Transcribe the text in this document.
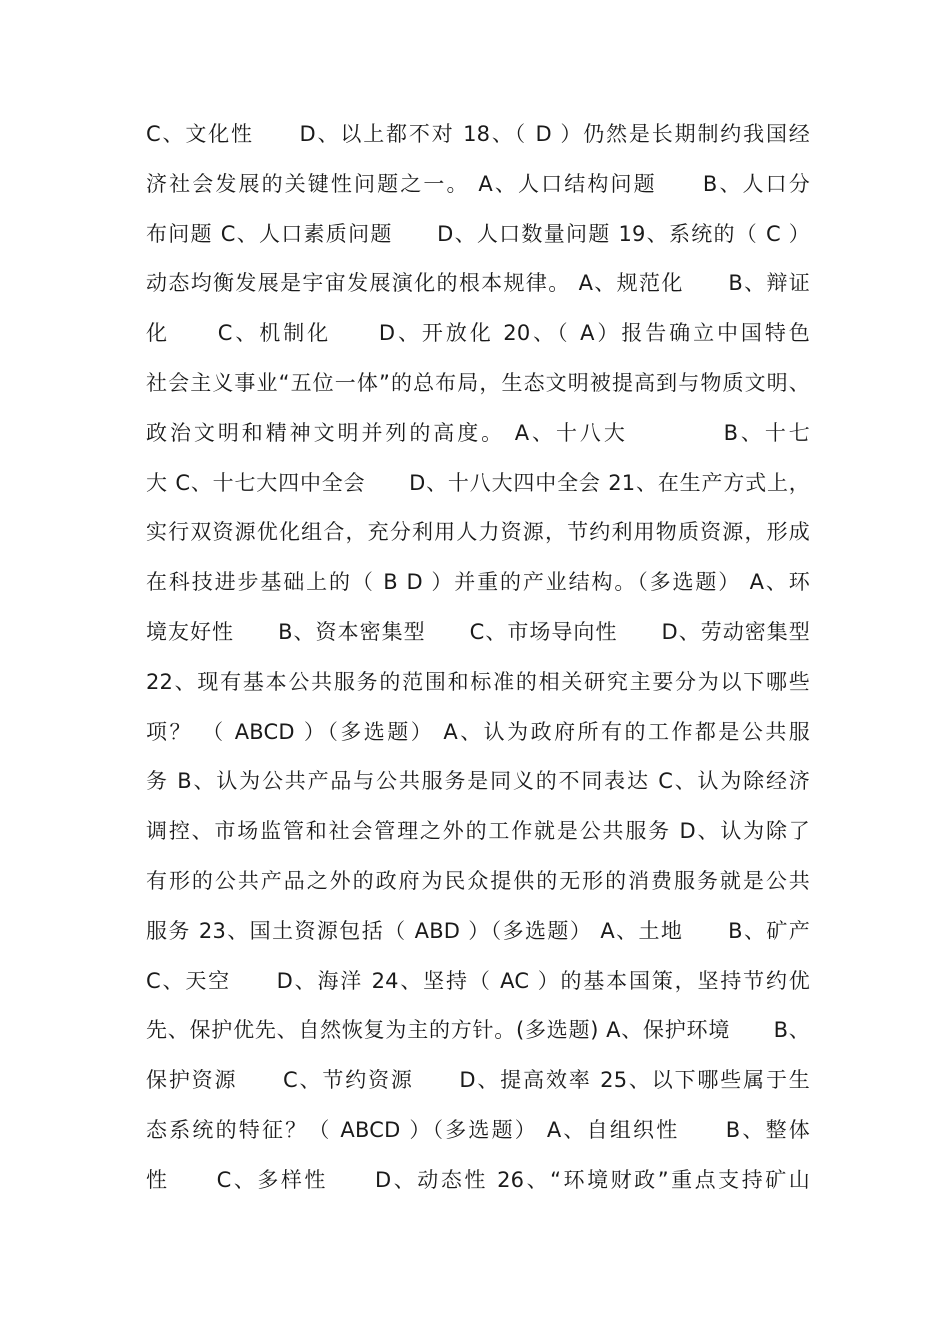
C、文化性　　D、以上都不对 18、（ D ）仍然是长期制约我国经
济社会发展的关键性问题之一。 A、人口结构问题　　B、人口分
布问题 C、人口素质问题　　D、人口数量问题 19、系统的（ C ）
动态均衡发展是宇宙发展演化的根本规律。 A、规范化　　B、辩证
化　　C、机制化　　D、开放化 20、（ A）报告确立中国特色
社会主义事业“五位一体”的总布局，生态文明被提高到与物质文明、
政治文明和精神文明并列的高度。 A、十八大　　　　B、十七
大 C、十七大四中全会　　D、十八大四中全会 21、在生产方式上，
实行双资源优化组合，充分利用人力资源，节约利用物质资源，形成
在科技进步基础上的（ B D ）并重的产业结构。（多选题） A、环
境友好性　　B、资本密集型　　C、市场导向性　　D、劳动密集型
22、现有基本公共服务的范围和标准的相关研究主要分为以下哪些
项？ （ ABCD ）（多选题） A、认为政府所有的工作都是公共服
务 B、认为公共产品与公共服务是同义的不同表达 C、认为除经济
调控、市场监管和社会管理之外的工作就是公共服务 D、认为除了
有形的公共产品之外的政府为民众提供的无形的消费服务就是公共
服务 23、国土资源包括（ ABD ）（多选题） A、土地　　B、矿产
C、天空　　D、海洋 24、坚持（ AC ）的基本国策，坚持节约优
先、保护优先、自然恢复为主的方针。(多选题) A、保护环境　　B、
保护资源　　C、节约资源　　D、提高效率 25、以下哪些属于生
态系统的特征？（ ABCD ）（多选题） A、自组织性　　B、整体
性　　C、多样性　　D、动态性 26、“环境财政”重点支持矿山
